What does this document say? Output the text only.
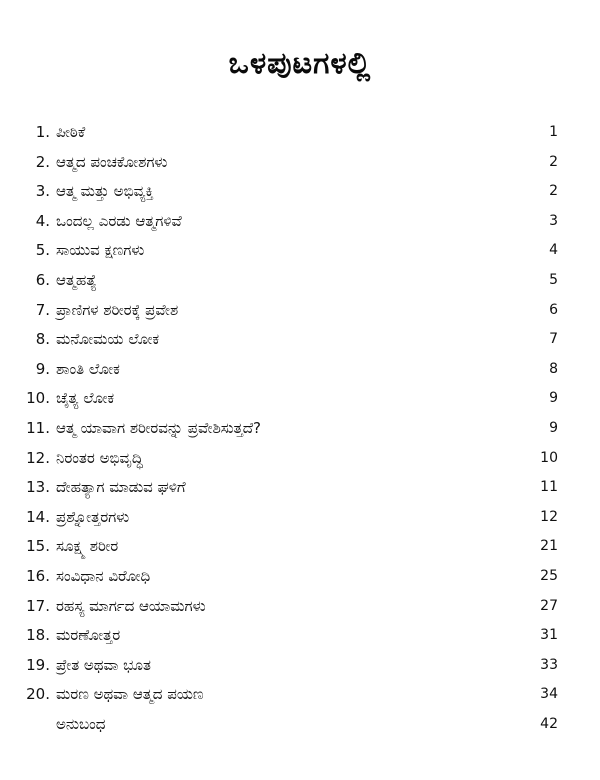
ಒಳಪುಟಗಳಲ್ಲಿ
1. ಪೀಠಿಕೆ	1
2. ಆತ್ಮದ ಪಂಚಕೋಶಗಳು	2
3. ಆತ್ಮ ಮತ್ತು ಅಭಿವ್ಯಕ್ತಿ	2
4. ಒಂದಲ್ಲ ಎರಡು ಆತ್ಮಗಳಿವೆ	3
5. ಸಾಯುವ ಕ್ಷಣಗಳು	4
6. ಆತ್ಮಹತ್ಯೆ	5
7. ಪ್ರಾಣಿಗಳ ಶರೀರಕ್ಕೆ ಪ್ರವೇಶ	6
8. ಮನೋಮಯ ಲೋಕ	7
9. ಶಾಂತಿ ಲೋಕ	8
10. ಚೈತ್ಯ ಲೋಕ	9
11. ಆತ್ಮ ಯಾವಾಗ ಶರೀರವನ್ನು ಪ್ರವೇಶಿಸುತ್ತದೆ?	9
12. ನಿರಂತರ ಅಭಿವೃದ್ಧಿ	10
13. ದೇಹತ್ಯಾಗ ಮಾಡುವ ಘಳಿಗೆ	11
14. ಪ್ರಶ್ನೋತ್ತರಗಳು	12
15. ಸೂಕ್ಷ್ಮ ಶರೀರ	21
16. ಸಂವಿಧಾನ ವಿರೋಧಿ	25
17. ರಹಸ್ಯ ಮಾರ್ಗದ ಆಯಾಮಗಳು	27
18. ಮರಣೋತ್ತರ	31
19. ಪ್ರೇತ ಅಥವಾ ಭೂತ	33
20. ಮರಣ ಅಥವಾ ಆತ್ಮದ ಪಯಣ	34
ಅನುಬಂಧ	42
